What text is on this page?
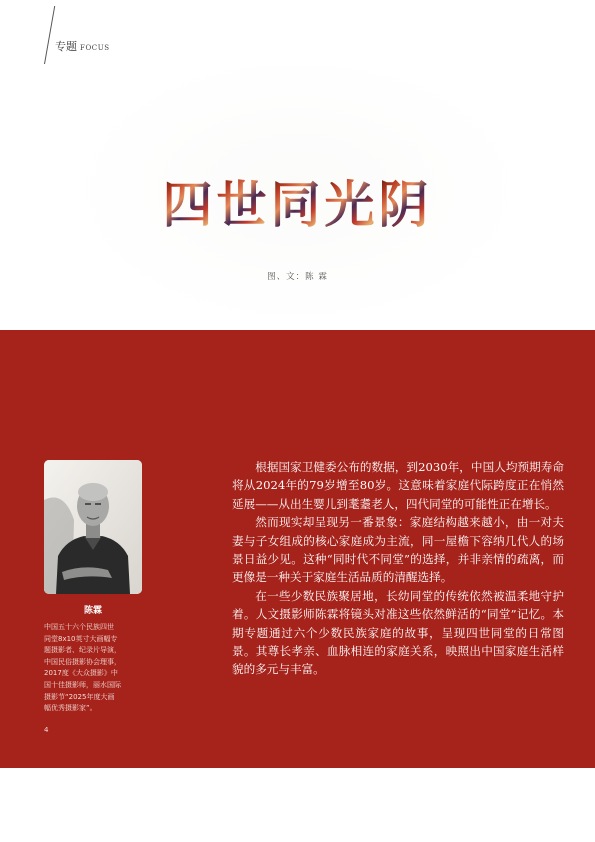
专题 FOCUS
四世同光阴
图、文：陈 霖
陈霖

中国五十六个民族四世

同堂8x10英寸大画幅专

题摄影者、纪录片导演，

中国民俗摄影协会理事，

2017度《大众摄影》中

国十佳摄影师，丽水国际

摄影节“2025年度大画

幅优秀摄影家”。

4

根据国家卫健委公布的数据，到2030年，中国人均预期寿命将从2024年的79岁增至80岁。这意味着家庭代际跨度正在悄然延展——从出生婴儿到耄耋老人，四代同堂的可能性正在增长。

然而现实却呈现另一番景象：家庭结构越来越小，由一对夫妻与子女组成的核心家庭成为主流，同一屋檐下容纳几代人的场景日益少见。这种“同时代不同堂”的选择，并非亲情的疏离，而更像是一种关于家庭生活品质的清醒选择。

在一些少数民族聚居地，长幼同堂的传统依然被温柔地守护着。人文摄影师陈霖将镜头对准这些依然鲜活的“同堂”记忆。本期专题通过六个少数民族家庭的故事，呈现四世同堂的日常图景。其尊长孝亲、血脉相连的家庭关系，映照出中国家庭生活样貌的多元与丰富。
